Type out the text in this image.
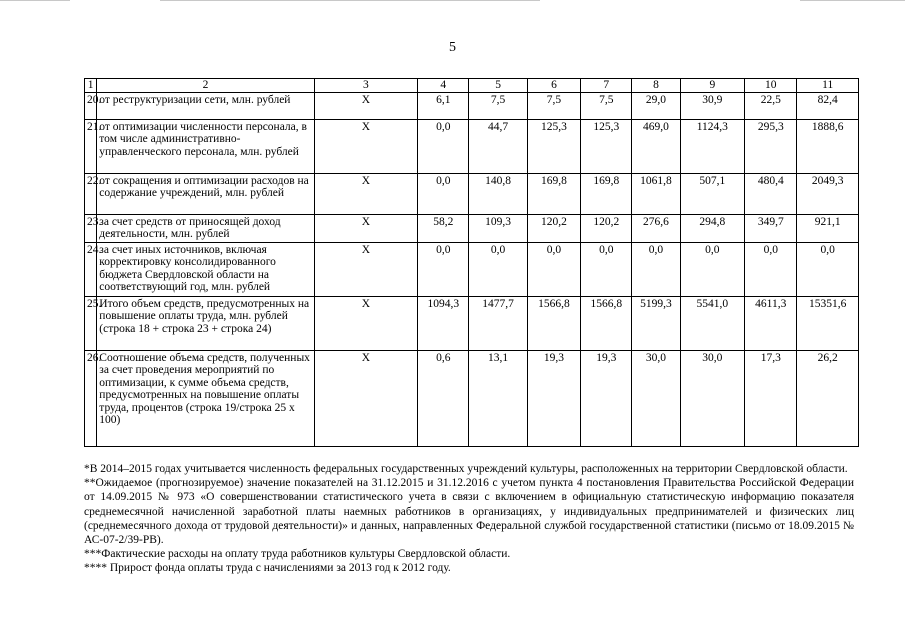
5
1	2	3	4	5	6	7	8	9	10	11
20.	от реструктуризации сети, млн. рублей	X	6,1	7,5	7,5	7,5	29,0	30,9	22,5	82,4
21.	от оптимизации численности персонала, в том числе административно-управленческого персонала, млн. рублей	X	0,0	44,7	125,3	125,3	469,0	1124,3	295,3	1888,6
22.	от сокращения и оптимизации расходов на содержание учреждений, млн. рублей	X	0,0	140,8	169,8	169,8	1061,8	507,1	480,4	2049,3
23.	за счет средств от приносящей доход деятельности, млн. рублей	X	58,2	109,3	120,2	120,2	276,6	294,8	349,7	921,1
24.	за счет иных источников, включая корректировку консолидированного бюджета Свердловской области на соответствующий год, млн. рублей	X	0,0	0,0	0,0	0,0	0,0	0,0	0,0	0,0
25.	Итого объем средств, предусмотренных на повышение оплаты труда, млн. рублей (строка 18 + строка 23 + строка 24)	X	1094,3	1477,7	1566,8	1566,8	5199,3	5541,0	4611,3	15351,6
26.	Соотношение объема средств, полученных за счет проведения мероприятий по оптимизации, к сумме объема средств, предусмотренных на повышение оплаты труда, процентов (строка 19/строка 25 x 100)	X	0,6	13,1	19,3	19,3	30,0	30,0	17,3	26,2

*В 2014–2015 годах учитывается численность федеральных государственных учреждений культуры, расположенных на территории Свердловской области.

**Ожидаемое (прогнозируемое) значение показателей на 31.12.2015 и 31.12.2016 с учетом пункта 4 постановления Правительства Российской Федерации от 14.09.2015 № 973 «О совершенствовании статистического учета в связи с включением в официальную статистическую информацию показателя среднемесячной начисленной заработной платы наемных работников в организациях, у индивидуальных предпринимателей и физических лиц (среднемесячного дохода от трудовой деятельности)» и данных, направленных Федеральной службой государственной статистики (письмо от 18.09.2015 № АС-07-2/39-РВ).

***Фактические расходы на оплату труда работников культуры Свердловской области.

**** Прирост фонда оплаты труда с начислениями за 2013 год к 2012 году.
